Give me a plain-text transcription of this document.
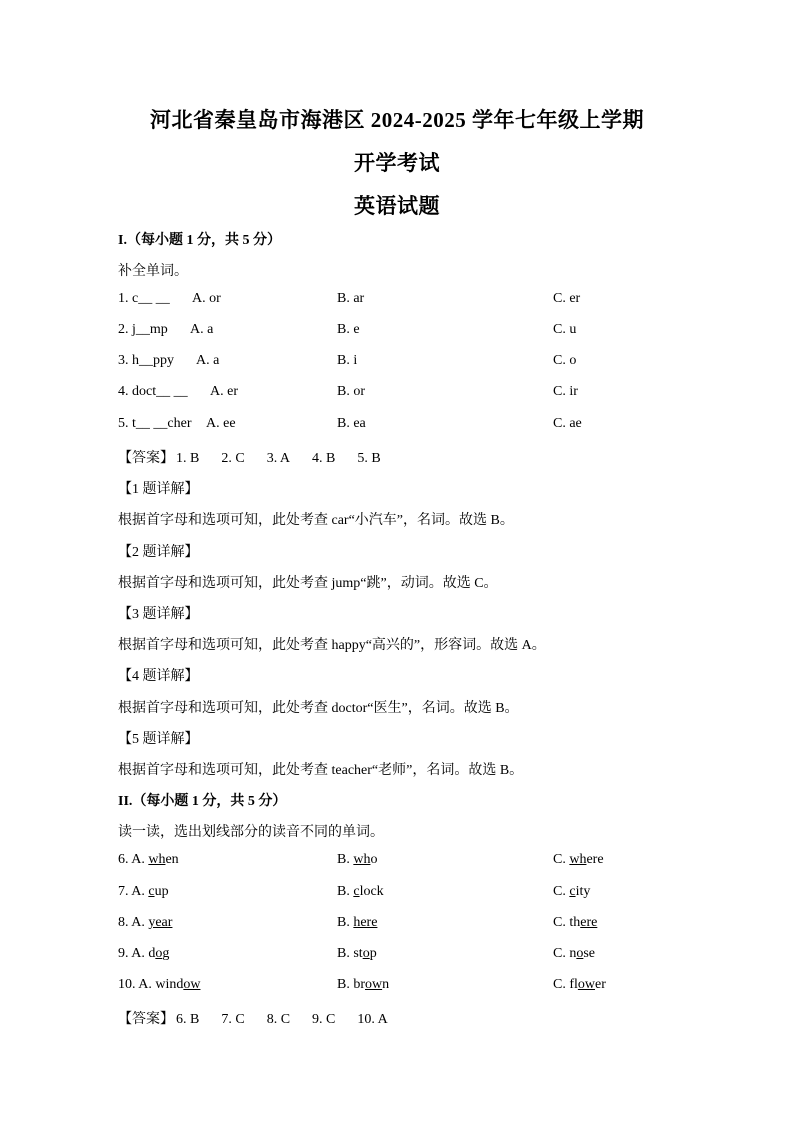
河北省秦皇岛市海港区 2024-2025 学年七年级上学期
开学考试
英语试题
I.（每小题 1 分，共 5 分）
补全单词。
1. c__ __ A. or	B. ar	C. er
2. j__mp A. a	B. e	C. u
3. h__ppy A. a	B. i	C. o
4. doct__ __ A. er	B. or	C. ir
5. t__ __cher A. ee	B. ea	C. ae
【答案】 1. B 2. C 3. A 4. B 5. B
【1 题详解】
根据首字母和选项可知，此处考查 car“小汽车”，名词。故选 B。
【2 题详解】
根据首字母和选项可知，此处考查 jump“跳”，动词。故选 C。
【3 题详解】
根据首字母和选项可知，此处考查 happy“高兴的”，形容词。故选 A。
【4 题详解】
根据首字母和选项可知，此处考查 doctor“医生”，名词。故选 B。
【5 题详解】
根据首字母和选项可知，此处考查 teacher“老师”，名词。故选 B。
II.（每小题 1 分，共 5 分）
读一读，选出划线部分的读音不同的单词。
6. A. when	B. who	C. where
7. A. cup	B. clock	C. city
8. A. year	B. here	C. there
9. A. dog	B. stop	C. nose
10. A. window	B. brown	C. flower
【答案】 6. B 7. C 8. C 9. C 10. A
